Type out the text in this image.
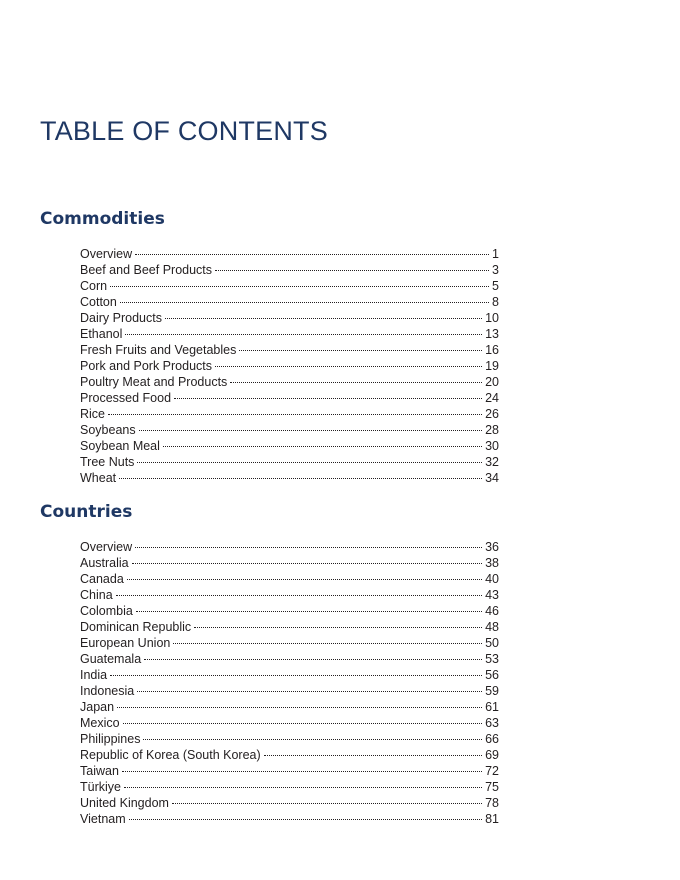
TABLE OF CONTENTS
Commodities
Overview	1
Beef and Beef Products	3
Corn	5
Cotton	8
Dairy Products	10
Ethanol	13
Fresh Fruits and Vegetables	16
Pork and Pork Products	19
Poultry Meat and Products	20
Processed Food	24
Rice	26
Soybeans	28
Soybean Meal	30
Tree Nuts	32
Wheat	34
Countries
Overview	36
Australia	38
Canada	40
China	43
Colombia	46
Dominican Republic	48
European Union	50
Guatemala	53
India	56
Indonesia	59
Japan	61
Mexico	63
Philippines	66
Republic of Korea (South Korea)	69
Taiwan	72
Türkiye	75
United Kingdom	78
Vietnam	81
